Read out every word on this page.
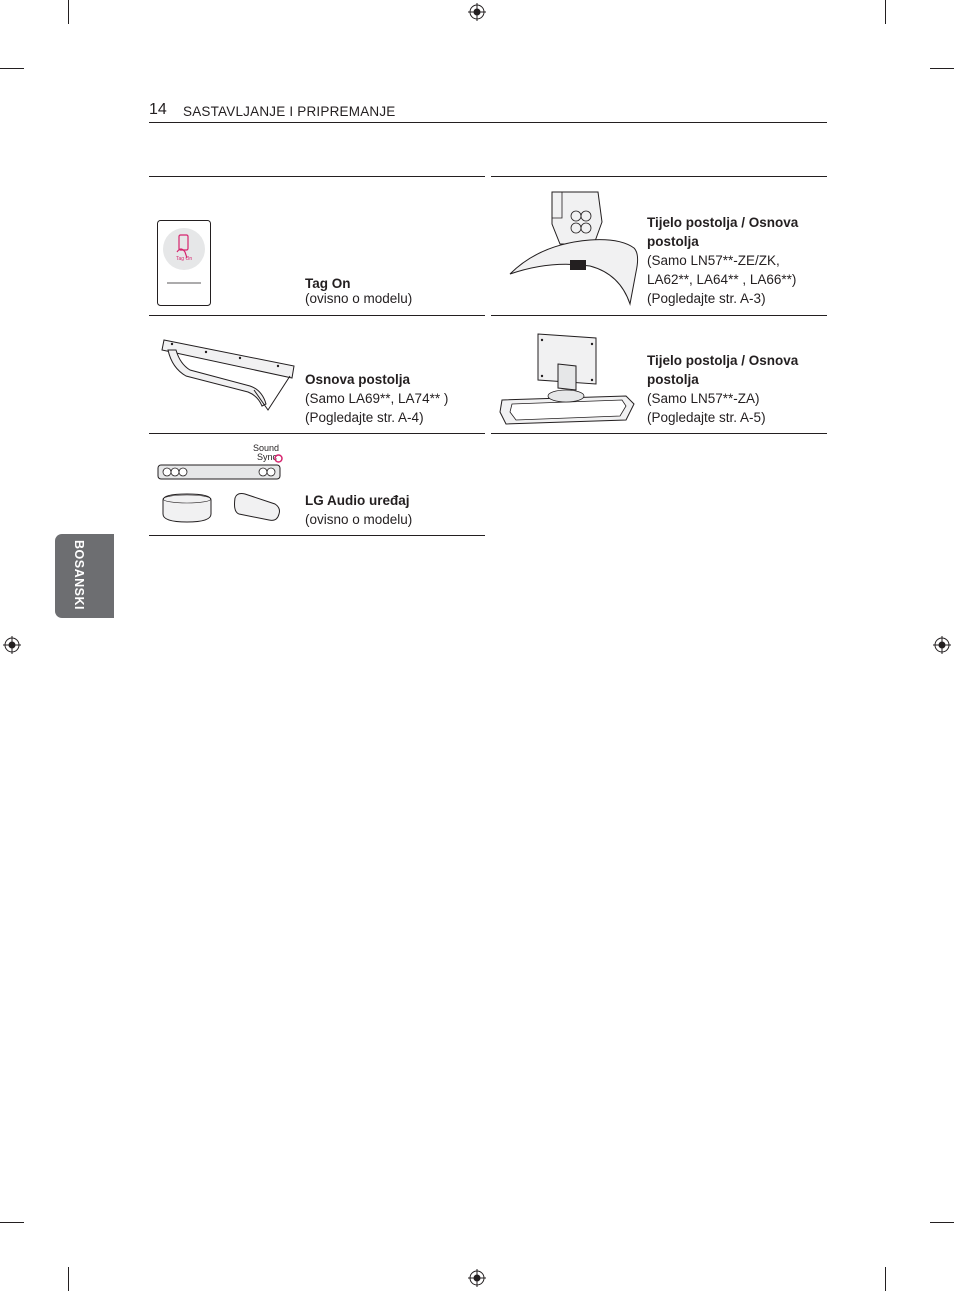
14 SASTAVLJANJE I PRIPREMANJE
BOSANSKI
Tag On
Tag On
(ovisno o modelu)
Tijelo postolja / Osnova postolja
(Samo LN57**-ZE/ZK,
LA62**, LA64** , LA66**)
(Pogledajte str. A-3)
Osnova postolja
(Samo LA69**, LA74** )
(Pogledajte str. A-4)
Tijelo postolja / Osnova postolja
(Samo LN57**-ZA)
(Pogledajte str. A-5)
Sound
Sync
LG Audio uređaj
(ovisno o modelu)
